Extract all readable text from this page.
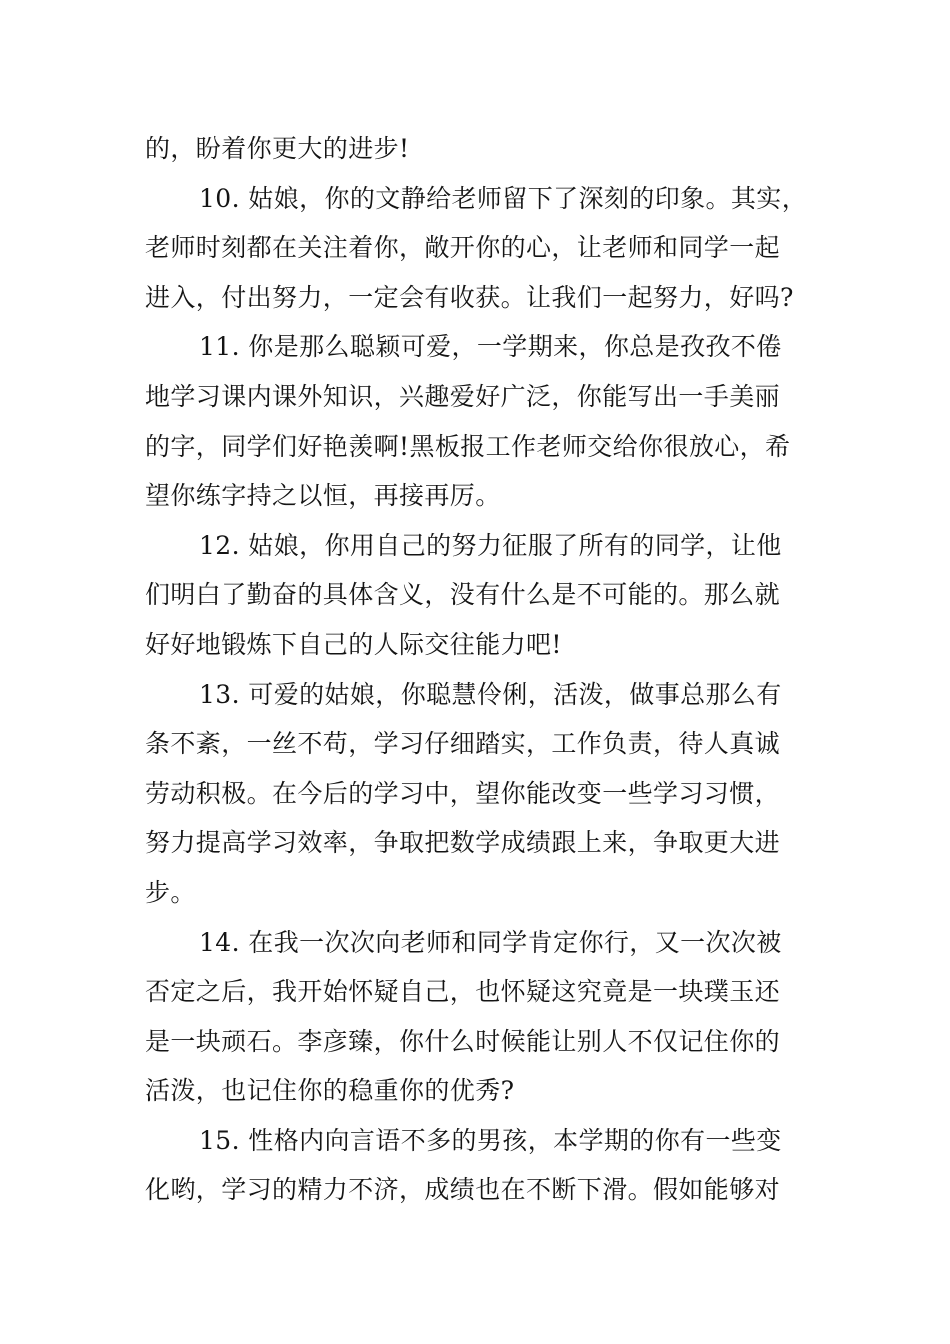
的，盼着你更大的进步!
10. 姑娘，你的文静给老师留下了深刻的印象。其实，
老师时刻都在关注着你，敞开你的心，让老师和同学一起
进入，付出努力，一定会有收获。让我们一起努力，好吗?
11. 你是那么聪颖可爱，一学期来，你总是孜孜不倦
地学习课内课外知识，兴趣爱好广泛，你能写出一手美丽
的字，同学们好艳羡啊!黑板报工作老师交给你很放心，希
望你练字持之以恒，再接再厉。
12. 姑娘，你用自己的努力征服了所有的同学，让他
们明白了勤奋的具体含义，没有什么是不可能的。那么就
好好地锻炼下自己的人际交往能力吧!
13. 可爱的姑娘，你聪慧伶俐，活泼，做事总那么有
条不紊，一丝不苟，学习仔细踏实，工作负责，待人真诚
劳动积极。在今后的学习中，望你能改变一些学习习惯，
努力提高学习效率，争取把数学成绩跟上来，争取更大进
步。
14. 在我一次次向老师和同学肯定你行，又一次次被
否定之后，我开始怀疑自己，也怀疑这究竟是一块璞玉还
是一块顽石。李彦臻，你什么时候能让别人不仅记住你的
活泼，也记住你的稳重你的优秀?
15. 性格内向言语不多的男孩，本学期的你有一些变
化哟，学习的精力不济，成绩也在不断下滑。假如能够对
